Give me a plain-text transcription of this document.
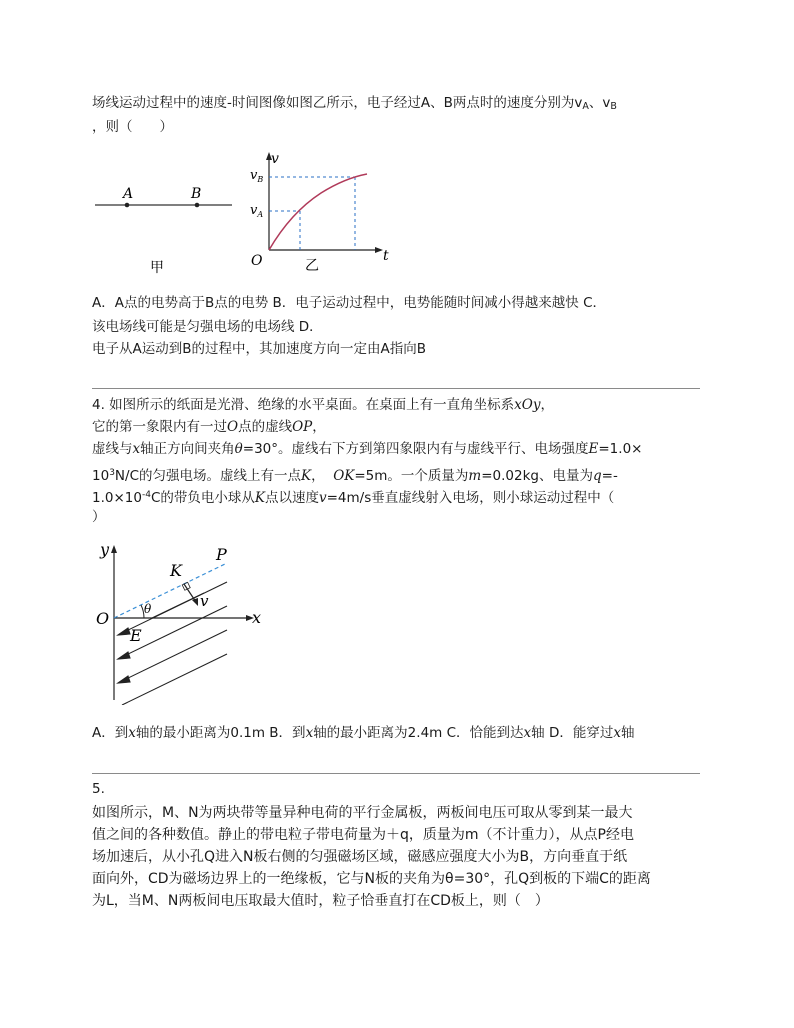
场线运动过程中的速度-时间图像如图乙所示，电子经过A、B两点时的速度分别为$v_A$、$v_B$
，则（　　）
A	B
甲
v
t
O
$v_B$
$v_A$
乙
A．A点的电势高于B点的电势 B．电子运动过程中，电势能随时间减小得越来越快 C．
该电场线可能是匀强电场的电场线 D．
电子从A运动到B的过程中，其加速度方向一定由A指向B
4. 如图所示的纸面是光滑、绝缘的水平桌面。在桌面上有一直角坐标系xOy，
它的第一象限内有一过O点的虚线OP，
虚线与x轴正方向间夹角θ=30°。虚线右下方到第四象限内有与虚线平行、电场强度E=1.0×
$10^3N/C$的匀强电场。虚线上有一点K， OK=5m。一个质量为m=0.02kg、电量为q=-
$1.0\times 10^{-4}C$的带负电小球从K点以速度v=4m/s垂直虚线射入电场，则小球运动过程中（
）
y
x
O
P
K
v
E
θ
A．到x轴的最小距离为0.1m B．到x轴的最小距离为2.4m C．恰能到达x轴 D．能穿过x轴
5.
如图所示，M、N为两块带等量异种电荷的平行金属板，两板间电压可取从零到某一最大
值之间的各种数值。静止的带电粒子带电荷量为＋q，质量为m（不计重力），从点P经电
场加速后，从小孔Q进入N板右侧的匀强磁场区域，磁感应强度大小为B，方向垂直于纸
面向外，CD为磁场边界上的一绝缘板，它与N板的夹角为θ=30°，孔Q到板的下端C的距离
为L，当M、N两板间电压取最大值时，粒子恰垂直打在CD板上，则（　）
